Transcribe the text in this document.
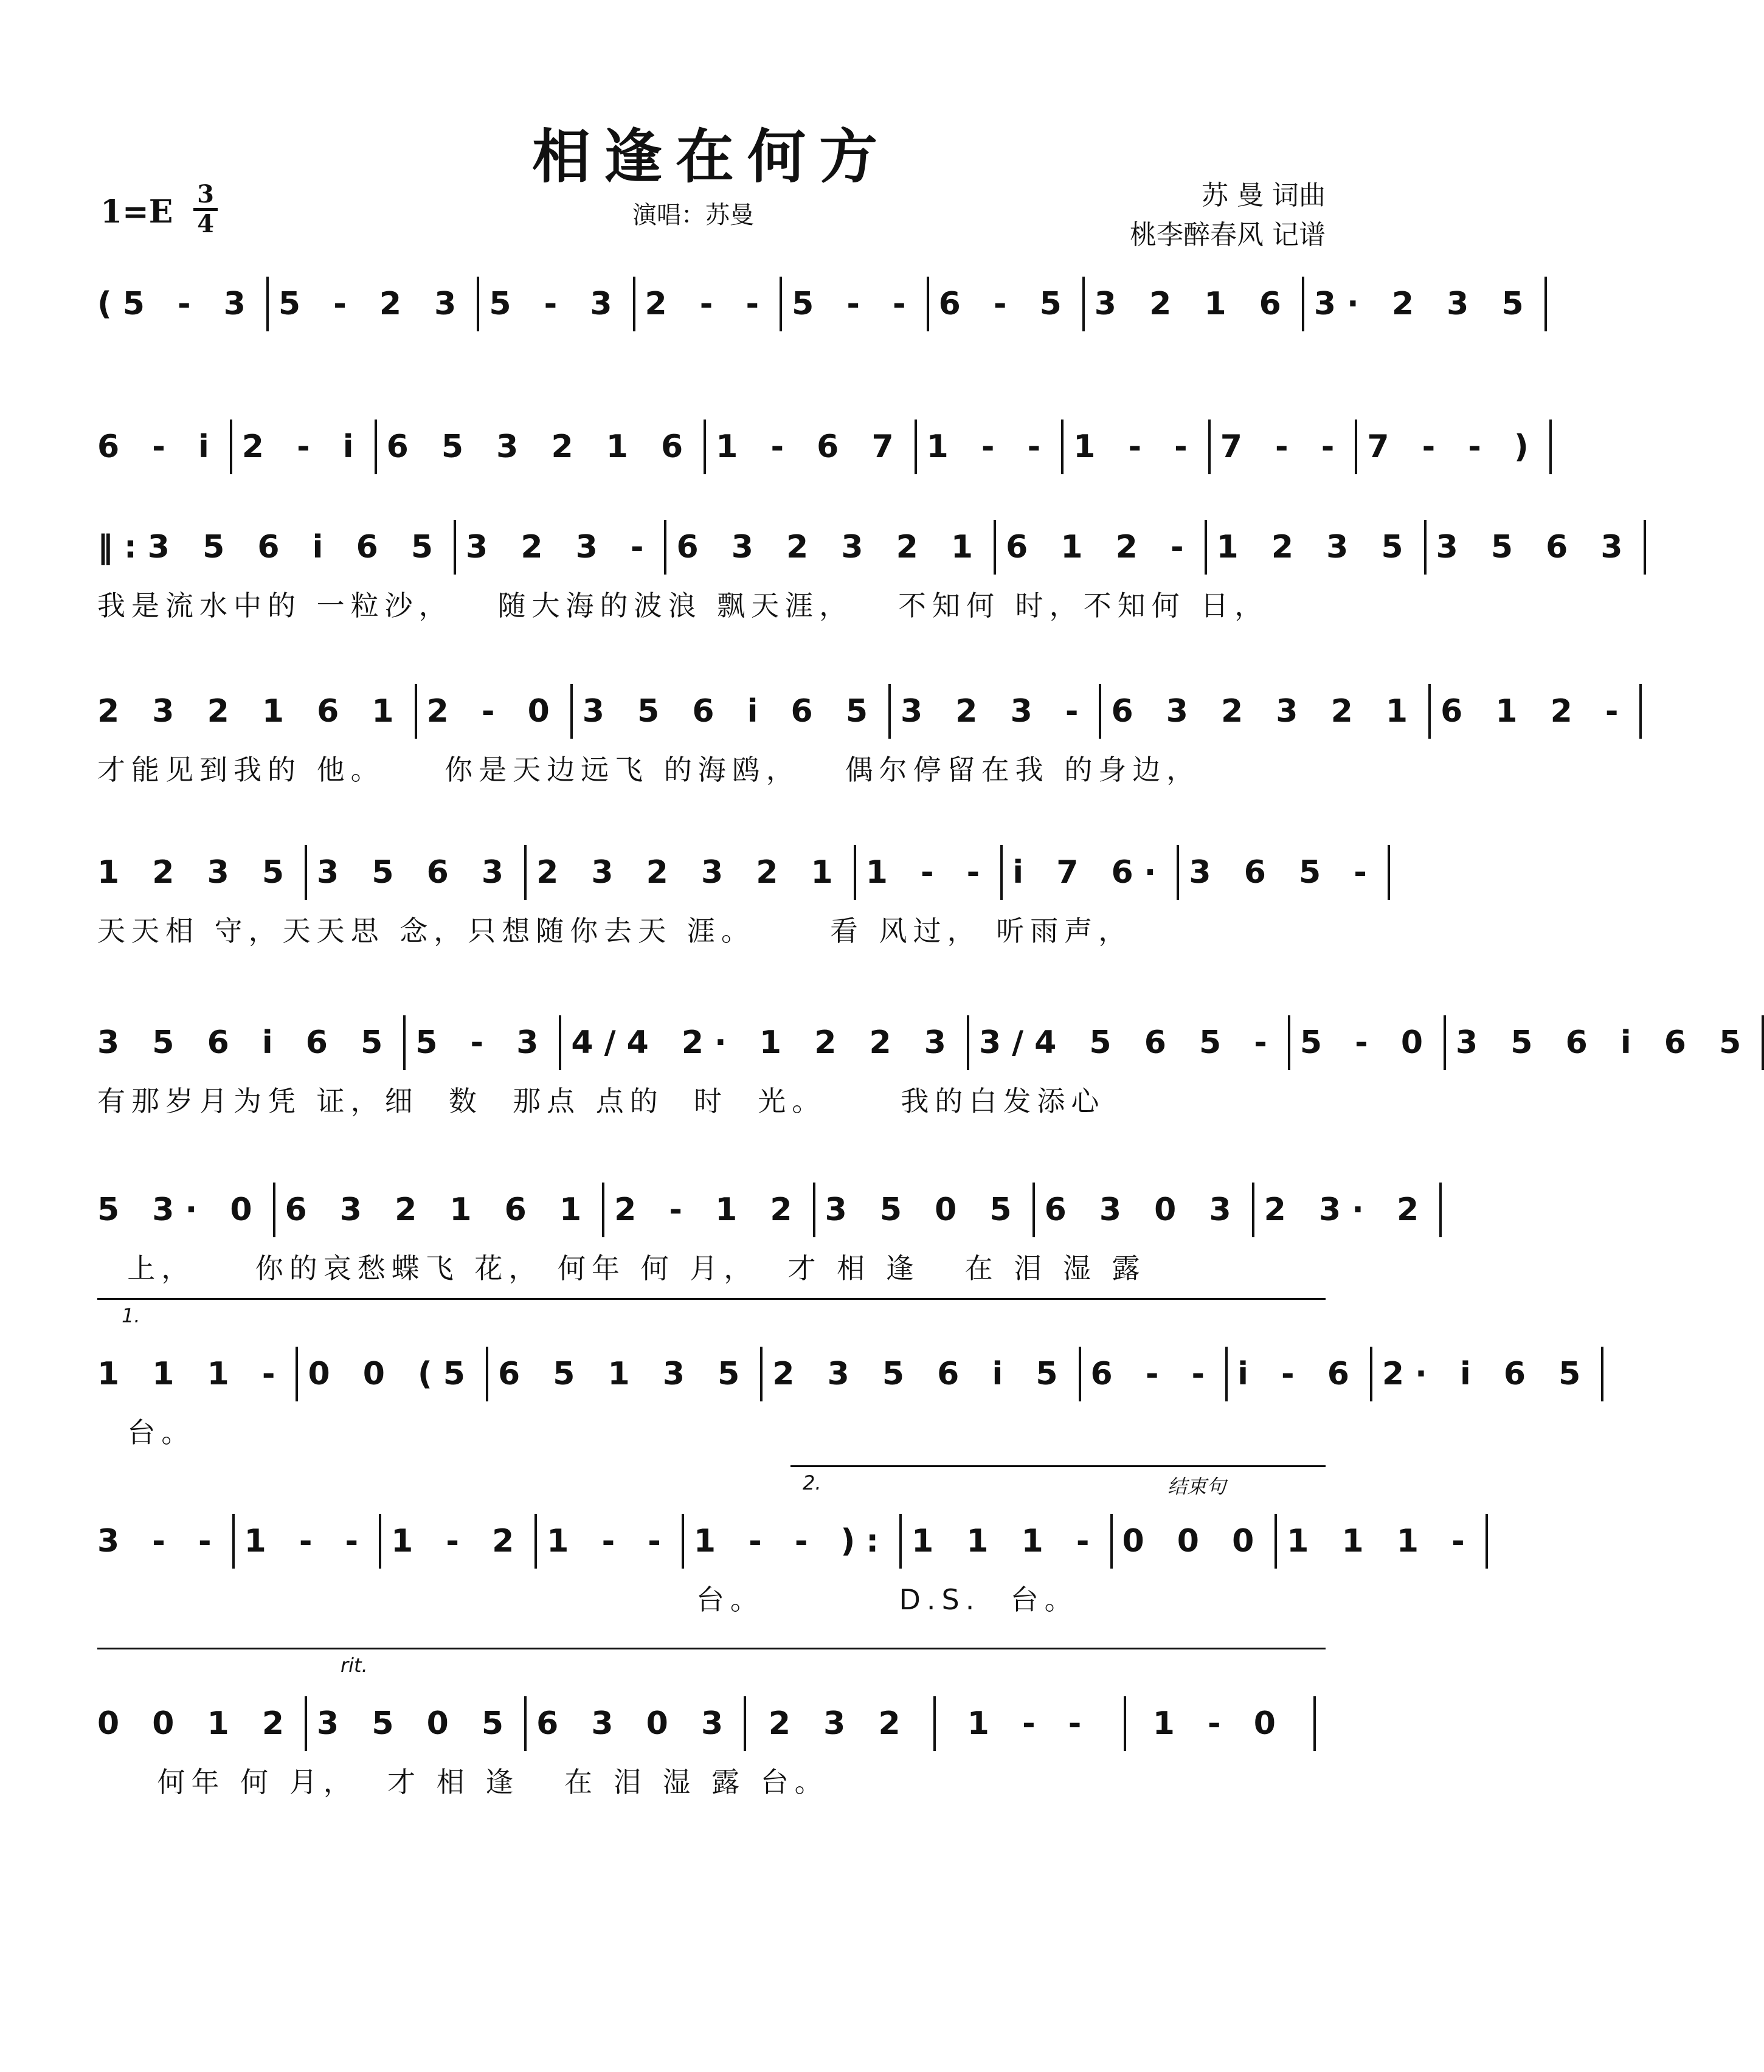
相逢在何方
1=E 3
4	演唱：苏曼
苏 曼 词曲
桃李醉春风 记谱
( 5 - 3 5 - 2 3 5 - 3 2 - - 5 - - 6 - 5 3 2 1 6 3· 2 3 5
6 - i 2 - i 6 5 3 2 1 6 1 - 6 7 1 - - 1 - - 7 - - 7 - - )
‖: 3 5 6 i 6 5 3 2 3 - 6 3 2 3 2 1 6 1 2 - 1 2 3 5 3 5 6 3
我是流水中的 一粒沙，   随大海的波浪 飘天涯，   不知何 时，不知何 日，
2 3 2 1 6 1 2 - 0 3 5 6 i 6 5 3 2 3 - 6 3 2 3 2 1 6 1 2 -
才能见到我的 他。    你是天边远飞 的海鸥，   偶尔停留在我 的身边，
1 2 3 5 3 5 6 3 2 3 2 3 2 1 1 - - i 7 6· 3 6 5 -
天天相 守，天天思 念，只想随你去天 涯。     看 风过， 听雨声，
3 5 6 i 6 5 5 - 3 4/4 2· 1 2 2 3 3/4 5 6 5 - 5 - 0 3 5 6 i 6 5
有那岁月为凭 证，细  数  那点 点的  时  光。     我的白发添心
5 3· 0 6 3 2 1 6 1 2 - 1 2 3 5 0 5 6 3 0 3 2 3· 2
上，    你的哀愁蝶飞 花， 何年 何 月，  才 相 逢   在 泪 湿 露
1.
1 1 1 - 0 0 (5 6 5 1 3 5 2 3 5 6 i 5 6 - - i - 6 2· i 6 5
台。
2.	结束句
3 - - 1 - - 1 - 2 1 - - 1 - - ): 1 1 1 - 0 0 0 1 1 1 -
台。         D.S.  台。
rit.
0 0 1 2 3 5 0 5 6 3 0 3 2 3 2 1 - - 1 - 0
何年 何 月，  才 相 逢   在 泪 湿 露 台。
